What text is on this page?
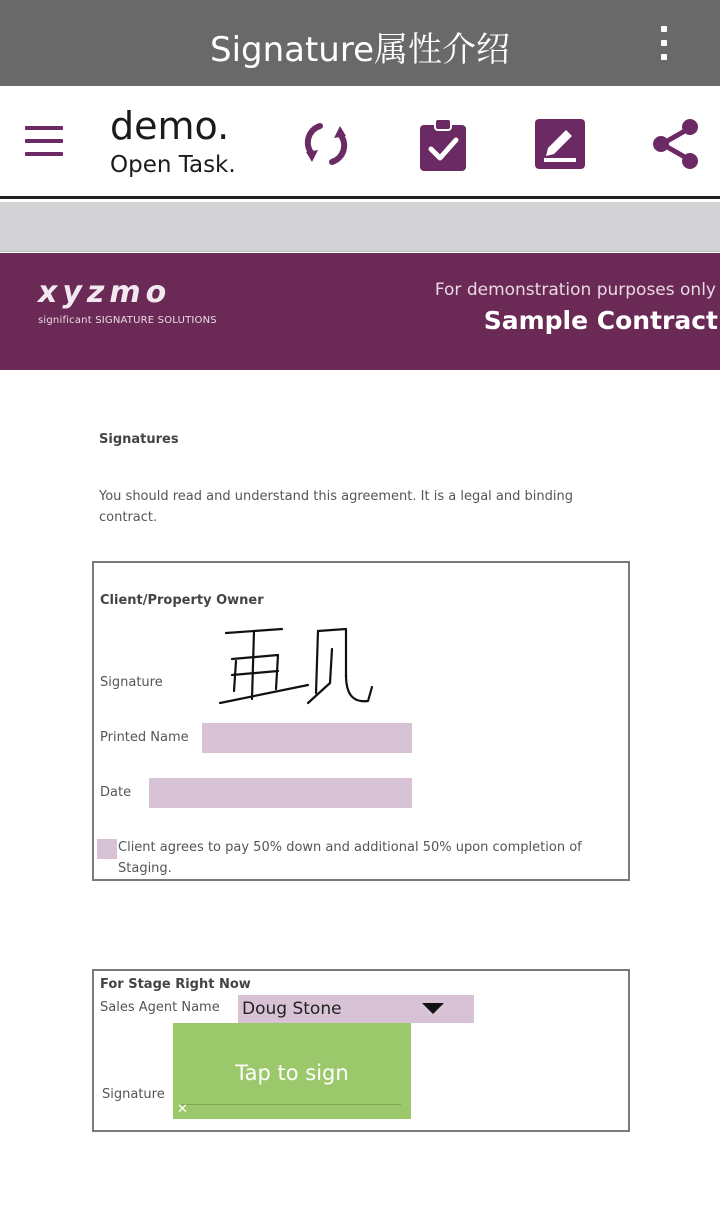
Signature属性介绍
demo.
Open Task.
xyzmo
significant SIGNATURE SOLUTIONS
For demonstration purposes only
Sample Contract
Signatures
You should read and understand this agreement. It is a legal and binding contract.
Client/Property Owner
Signature
Printed Name
Date
Client agrees to pay 50% down and additional 50% upon completion of Staging.
For Stage Right Now
Sales Agent Name Doug Stone
Signature
Tap to sign
✕
